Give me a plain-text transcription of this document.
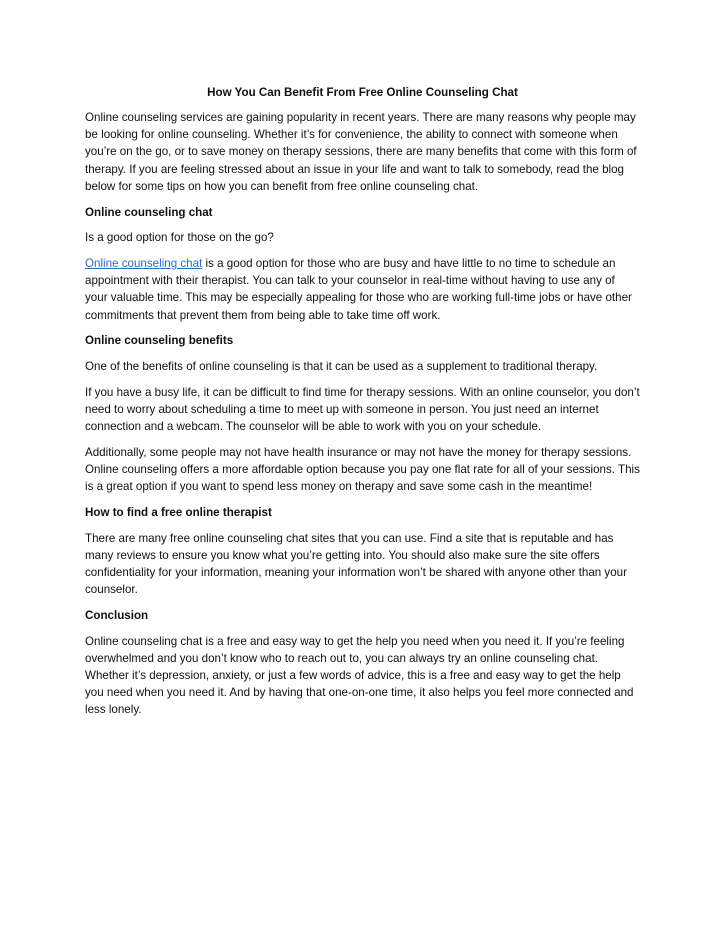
How You Can Benefit From Free Online Counseling Chat

Online counseling services are gaining popularity in recent years. There are many reasons why people may be looking for online counseling. Whether it’s for convenience, the ability to connect with someone when you’re on the go, or to save money on therapy sessions, there are many benefits that come with this form of therapy. If you are feeling stressed about an issue in your life and want to talk to somebody, read the blog below for some tips on how you can benefit from free online counseling chat.

Online counseling chat

Is a good option for those on the go?

Online counseling chat is a good option for those who are busy and have little to no time to schedule an appointment with their therapist. You can talk to your counselor in real-time without having to use any of your valuable time. This may be especially appealing for those who are working full-time jobs or have other commitments that prevent them from being able to take time off work.

Online counseling benefits

One of the benefits of online counseling is that it can be used as a supplement to traditional therapy.

If you have a busy life, it can be difficult to find time for therapy sessions. With an online counselor, you don’t need to worry about scheduling a time to meet up with someone in person. You just need an internet connection and a webcam. The counselor will be able to work with you on your schedule.

Additionally, some people may not have health insurance or may not have the money for therapy sessions. Online counseling offers a more affordable option because you pay one flat rate for all of your sessions. This is a great option if you want to spend less money on therapy and save some cash in the meantime!

How to find a free online therapist

There are many free online counseling chat sites that you can use. Find a site that is reputable and has many reviews to ensure you know what you’re getting into. You should also make sure the site offers confidentiality for your information, meaning your information won’t be shared with anyone other than your counselor.

Conclusion

Online counseling chat is a free and easy way to get the help you need when you need it. If you’re feeling overwhelmed and you don’t know who to reach out to, you can always try an online counseling chat. Whether it’s depression, anxiety, or just a few words of advice, this is a free and easy way to get the help you need when you need it. And by having that one-on-one time, it also helps you feel more connected and less lonely.
